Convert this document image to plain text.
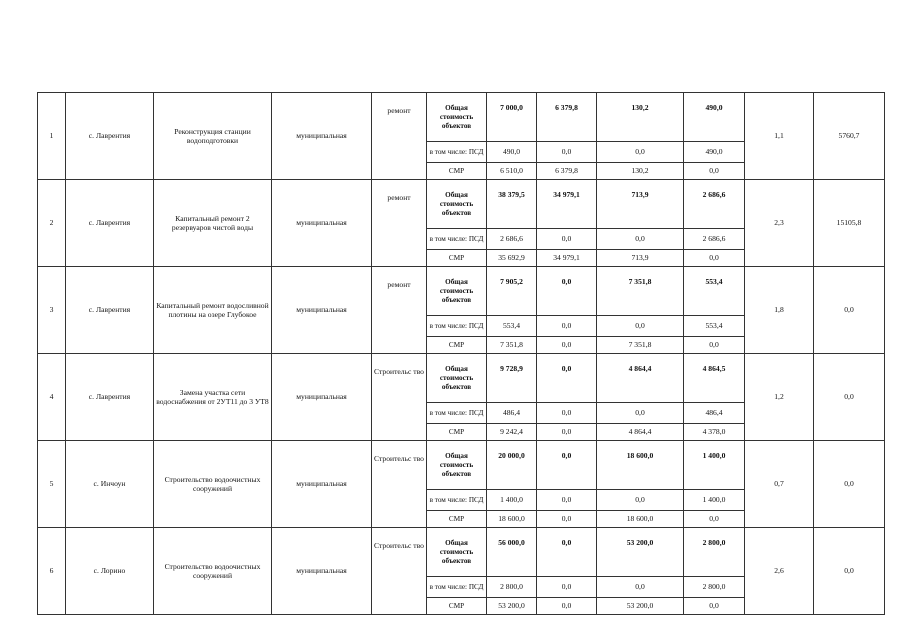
1	с. Лаврентия	Реконструкция станции водоподготовки	муниципальная	ремонт	Общая стоимость объектов	7 000,0	6 379,8	130,2	490,0	1,1	5760,7
					в том числе: ПСД	490,0	0,0	0,0	490,0		
					СМР	6 510,0	6 379,8	130,2	0,0		
2	с. Лаврентия	Капитальный ремонт 2 резервуаров чистой воды	муниципальная	ремонт	Общая стоимость объектов	38 379,5	34 979,1	713,9	2 686,6	2,3	15105,8
					в том числе: ПСД	2 686,6	0,0	0,0	2 686,6		
					СМР	35 692,9	34 979,1	713,9	0,0		
3	с. Лаврентия	Капитальный ремонт водосливной плотины на озере Глубокое	муниципальная	ремонт	Общая стоимость объектов	7 905,2	0,0	7 351,8	553,4	1,8	0,0
					в том числе: ПСД	553,4	0,0	0,0	553,4		
					СМР	7 351,8	0,0	7 351,8	0,0		
4	с. Лаврентия	Замена участка сети водоснабжения от 2УТ11 до 3 УТ8	муниципальная	Строительс тво	Общая стоимость объектов	9 728,9	0,0	4 864,4	4 864,5	1,2	0,0
					в том числе: ПСД	486,4	0,0	0,0	486,4		
					СМР	9 242,4	0,0	4 864,4	4 378,0		
5	с. Инчоун	Строительство водоочистных сооружений	муниципальная	Строительс тво	Общая стоимость объектов	20 000,0	0,0	18 600,0	1 400,0	0,7	0,0
					в том числе: ПСД	1 400,0	0,0	0,0	1 400,0		
					СМР	18 600,0	0,0	18 600,0	0,0		
6	с. Лорино	Строительство водоочистных сооружений	муниципальная	Строительс тво	Общая стоимость объектов	56 000,0	0,0	53 200,0	2 800,0	2,6	0,0
					в том числе: ПСД	2 800,0	0,0	0,0	2 800,0		
					СМР	53 200,0	0,0	53 200,0	0,0		
